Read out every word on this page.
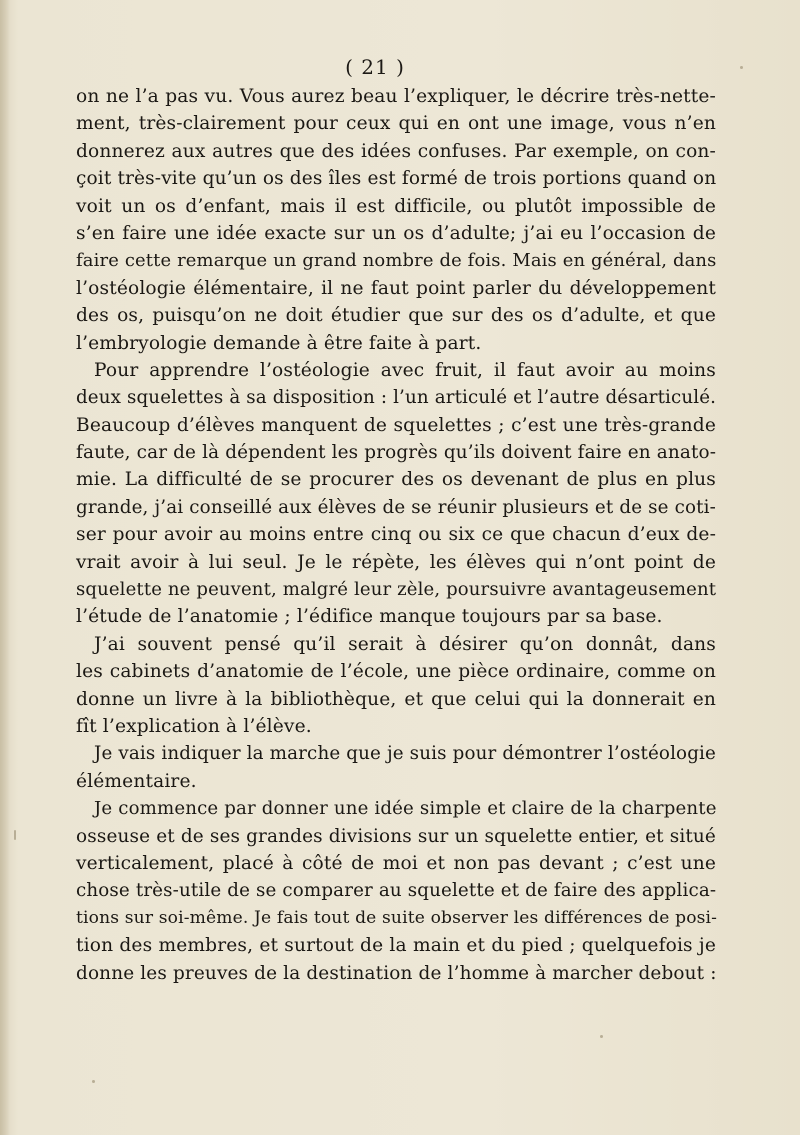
( 21 )
on ne l’a pas vu. Vous aurez beau l’expliquer, le décrire très-nette-
ment, très-clairement pour ceux qui en ont une image, vous n’en
donnerez aux autres que des idées confuses. Par exemple, on con-
çoit très-vite qu’un os des îles est formé de trois portions quand on
voit un os d’enfant, mais il est difficile, ou plutôt impossible de
s’en faire une idée exacte sur un os d’adulte; j’ai eu l’occasion de
faire cette remarque un grand nombre de fois. Mais en général, dans
l’ostéologie élémentaire, il ne faut point parler du développement
des os, puisqu’on ne doit étudier que sur des os d’adulte, et que
l’embryologie demande à être faite à part.
Pour apprendre l’ostéologie avec fruit, il faut avoir au moins
deux squelettes à sa disposition : l’un articulé et l’autre désarticulé.
Beaucoup d’élèves manquent de squelettes ; c’est une très-grande
faute, car de là dépendent les progrès qu’ils doivent faire en anato-
mie. La difficulté de se procurer des os devenant de plus en plus
grande, j’ai conseillé aux élèves de se réunir plusieurs et de se coti-
ser pour avoir au moins entre cinq ou six ce que chacun d’eux de-
vrait avoir à lui seul. Je le répète, les élèves qui n’ont point de
squelette ne peuvent, malgré leur zèle, poursuivre avantageusement
l’étude de l’anatomie ; l’édifice manque toujours par sa base.
J’ai souvent pensé qu’il serait à désirer qu’on donnât, dans
les cabinets d’anatomie de l’école, une pièce ordinaire, comme on
donne un livre à la bibliothèque, et que celui qui la donnerait en
fît l’explication à l’élève.
Je vais indiquer la marche que je suis pour démontrer l’ostéologie
élémentaire.
Je commence par donner une idée simple et claire de la charpente
osseuse et de ses grandes divisions sur un squelette entier, et situé
verticalement, placé à côté de moi et non pas devant ; c’est une
chose très-utile de se comparer au squelette et de faire des applica-
tions sur soi-même. Je fais tout de suite observer les différences de posi-
tion des membres, et surtout de la main et du pied ; quelquefois je
donne les preuves de la destination de l’homme à marcher debout :
